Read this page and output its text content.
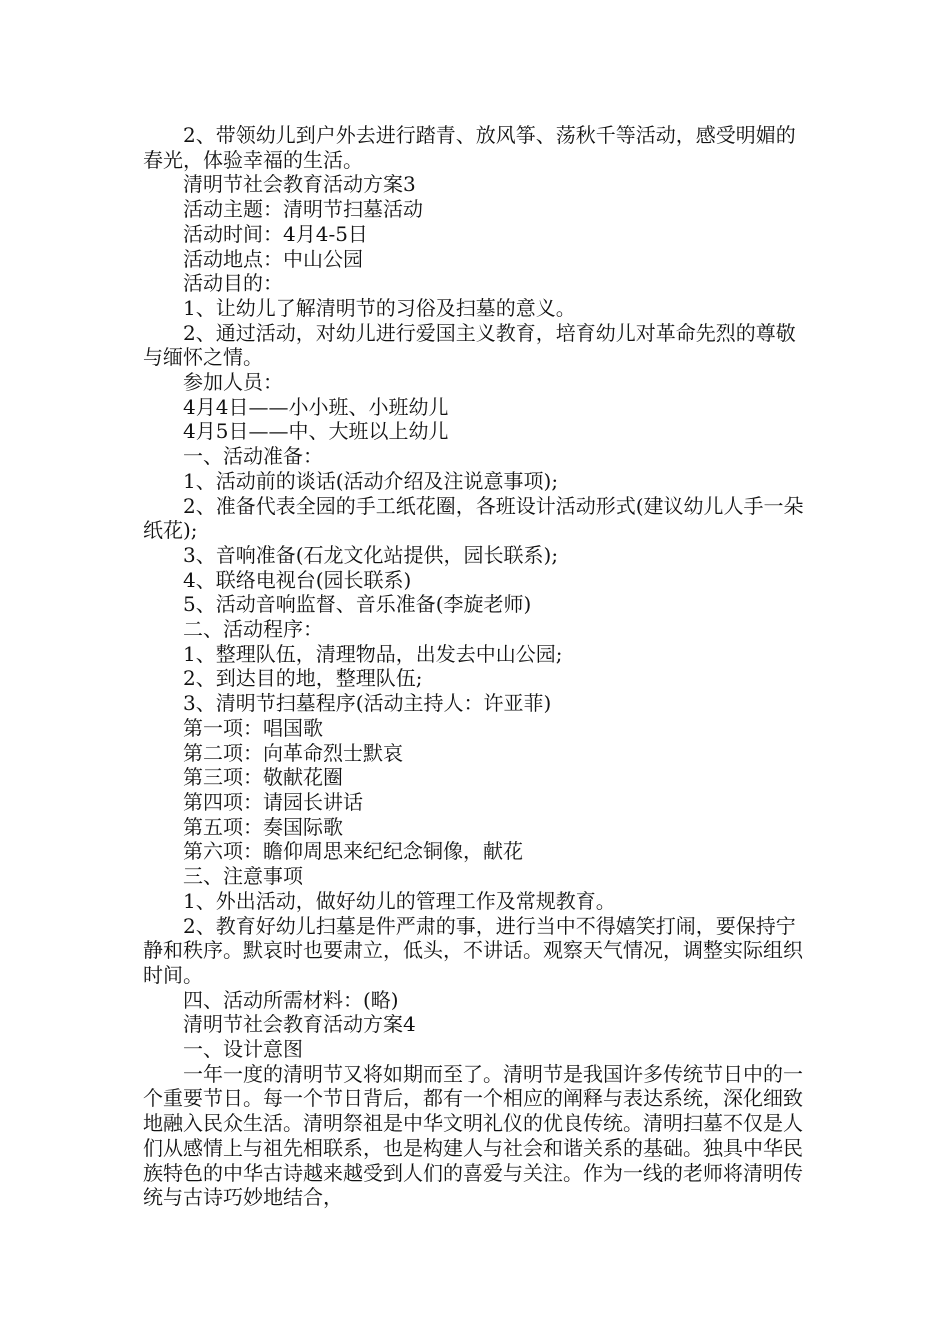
2、带领幼儿到户外去进行踏青、放风筝、荡秋千等活动，感受明媚的春光，体验幸福的生活。

清明节社会教育活动方案3

活动主题：清明节扫墓活动

活动时间：4月4-5日

活动地点：中山公园

活动目的：

1、让幼儿了解清明节的习俗及扫墓的意义。

2、通过活动，对幼儿进行爱国主义教育，培育幼儿对革命先烈的尊敬与缅怀之情。

参加人员：

4月4日——小小班、小班幼儿

4月5日——中、大班以上幼儿

一、活动准备：

1、活动前的谈话(活动介绍及注说意事项);

2、准备代表全园的手工纸花圈，各班设计活动形式(建议幼儿人手一朵纸花);

3、音响准备(石龙文化站提供，园长联系);

4、联络电视台(园长联系)

5、活动音响监督、音乐准备(李旋老师)

二、活动程序：

1、整理队伍，清理物品，出发去中山公园;

2、到达目的地，整理队伍;

3、清明节扫墓程序(活动主持人：许亚菲)

第一项：唱国歌

第二项：向革命烈士默哀

第三项：敬献花圈

第四项：请园长讲话

第五项：奏国际歌

第六项：瞻仰周思来纪纪念铜像，献花

三、注意事项

1、外出活动，做好幼儿的管理工作及常规教育。

2、教育好幼儿扫墓是件严肃的事，进行当中不得嬉笑打闹，要保持宁静和秩序。默哀时也要肃立，低头，不讲话。观察天气情况，调整实际组织时间。

四、活动所需材料：(略)

清明节社会教育活动方案4

一、设计意图

一年一度的清明节又将如期而至了。清明节是我国许多传统节日中的一个重要节日。每一个节日背后，都有一个相应的阐释与表达系统，深化细致地融入民众生活。清明祭祖是中华文明礼仪的优良传统。清明扫墓不仅是人们从感情上与祖先相联系，也是构建人与社会和谐关系的基础。独具中华民族特色的中华古诗越来越受到人们的喜爱与关注。作为一线的老师将清明传统与古诗巧妙地结合，
